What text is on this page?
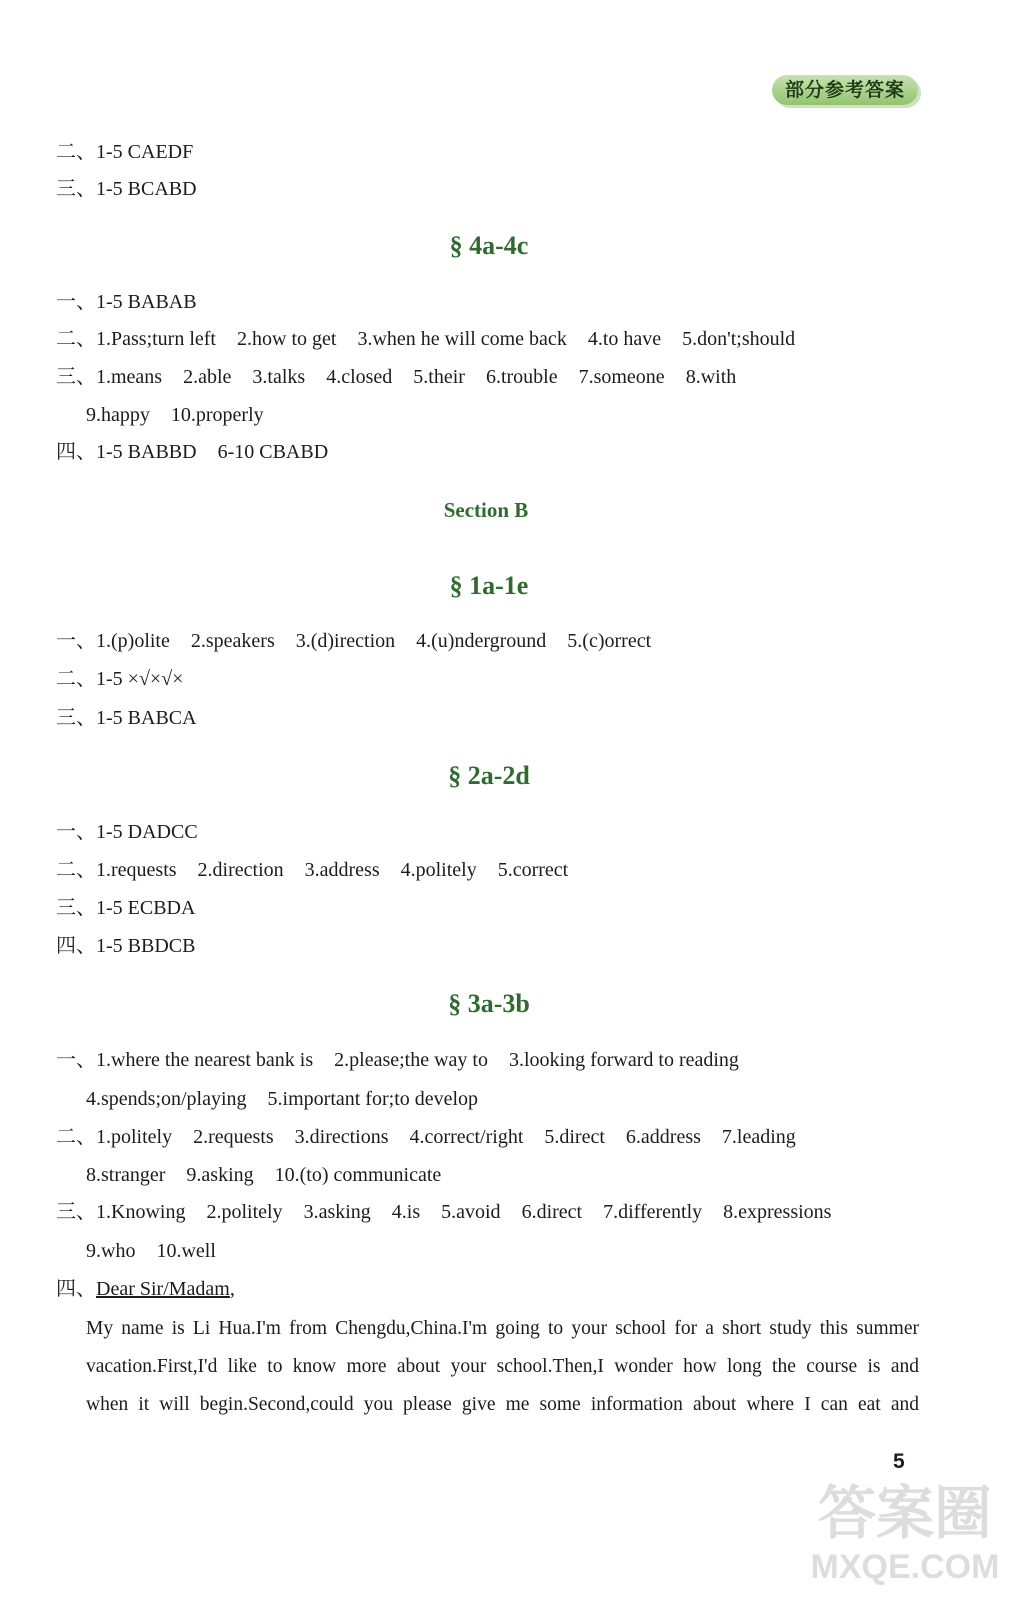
部分参考答案
二、1-5 CAEDF
三、1-5 BCABD
§ 4a-4c
一、1-5 BABAB
二、1.Pass;turn left 2.how to get 3.when he will come back 4.to have 5.don't;should
三、1.means 2.able 3.talks 4.closed 5.their 6.trouble 7.someone 8.with
9.happy 10.properly
四、1-5 BABBD 6-10 CBABD
Section B
§ 1a-1e
一、1.(p)olite 2.speakers 3.(d)irection 4.(u)nderground 5.(c)orrect
二、1-5 ×√×√×
三、1-5 BABCA
§ 2a-2d
一、1-5 DADCC
二、1.requests 2.direction 3.address 4.politely 5.correct
三、1-5 ECBDA
四、1-5 BBDCB
§ 3a-3b
一、1.where the nearest bank is 2.please;the way to 3.looking forward to reading
4.spends;on/playing 5.important for;to develop
二、1.politely 2.requests 3.directions 4.correct/right 5.direct 6.address 7.leading
8.stranger 9.asking 10.(to) communicate
三、1.Knowing 2.politely 3.asking 4.is 5.avoid 6.direct 7.differently 8.expressions
9.who 10.well
四、Dear Sir/Madam,
My name is Li Hua.I'm from Chengdu,China.I'm going to your school for a short study this summer
vacation.First,I'd like to know more about your school.Then,I wonder how long the course is and
when it will begin.Second,could you please give me some information about where I can eat and
5
答案圈
MXQE.COM
